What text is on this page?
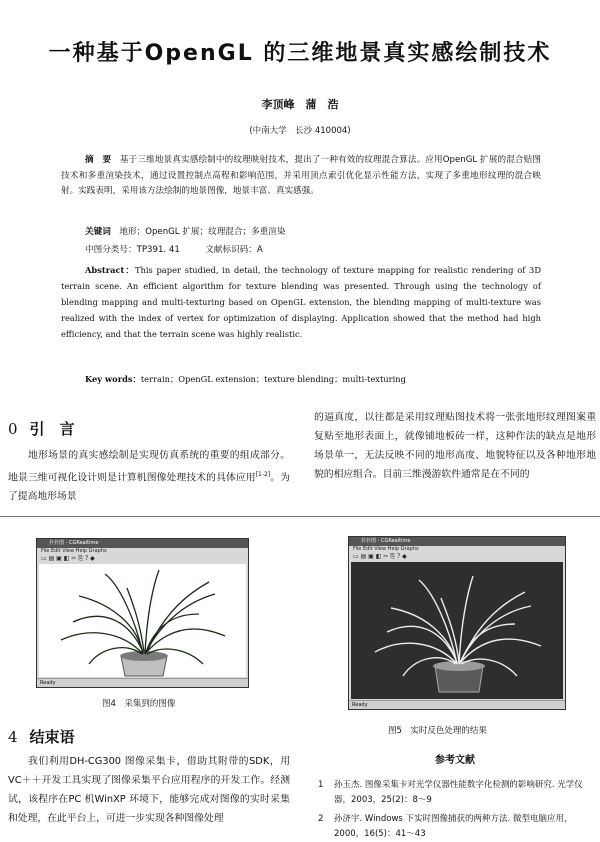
一种基于OpenGL 的三维地景真实感绘制技术
李顶峰　蒲　浩
(中南大学　长沙 410004)
摘　要　 基于三维地景真实感绘制中的纹理映射技术，提出了一种有效的纹理混合算法。应用OpenGL 扩展的混合贴图技术和多重渲染技术，通过设置控制点高程和影响范围，并采用顶点索引优化显示性能方法，实现了多重地形纹理的混合映射。实践表明，采用该方法绘制的地景图像，地景丰富、真实感强。
关键词　 地形；OpenGL 扩展；纹理混合；多重渲染
中图分类号：TP391. 41	文献标识码：A
Abstract：This paper studied, in detail, the technology of texture mapping for realistic rendering of 3D terrain scene. An efficient algorithm for texture blending was presented. Through using the technology of blending mapping and multi-texturing based on OpenGL extension, the blending mapping of multi-texture was realized with the index of vertex for optimization of displaying. Application showed that the method had high efficiency, and that the terrain scene was highly realistic.
Key words：terrain；OpenGL extension；texture blending；multi-texturing
0 引　言

地形场景的真实感绘制是实现仿真系统的重要的组成部分。地景三维可视化设计则是计算机图像处理技术的具体应用[1-2]。为了提高地形场景

的逼真度，以往都是采用纹理贴图技术将一张张地形纹理图案重复贴至地形表面上，就像铺地板砖一样，这种作法的缺点是地形场景单一，无法反映不同的地形高度、地貌特征以及各种地形地貌的相应组合。目前三维漫游软件通常是在不同的

扑扑图 - CGRealtime
File Edit View Help Graphs
▭ ▤ ▣ ◧ ✂ ⎘ ? ◆
Ready
图4　采集到的图像
扑扑图 - CGRealtime
File Edit View Help Graphs
▭ ▤ ▣ ◧ ✂ ⎘ ? ◆
Ready
图5　实时反色处理的结果
4 结束语

我们利用DH-CG300 图像采集卡，借助其附带的SDK，用VC＋＋开发工具实现了图像采集平台应用程序的开发工作。经测试，该程序在PC 机WinXP 环境下，能够完成对图像的实时采集和处理，在此平台上，可进一步实现各种图像处理

参考文献
1	孙玉杰. 图像采集卡对光学仪器性能数字化检测的影响研究. 光学仪器，2003，25(2)：8～9
2	孙济宇. Windows 下实时图像捕获的两种方法. 微型电脑应用，2000，16(5)：41～43
